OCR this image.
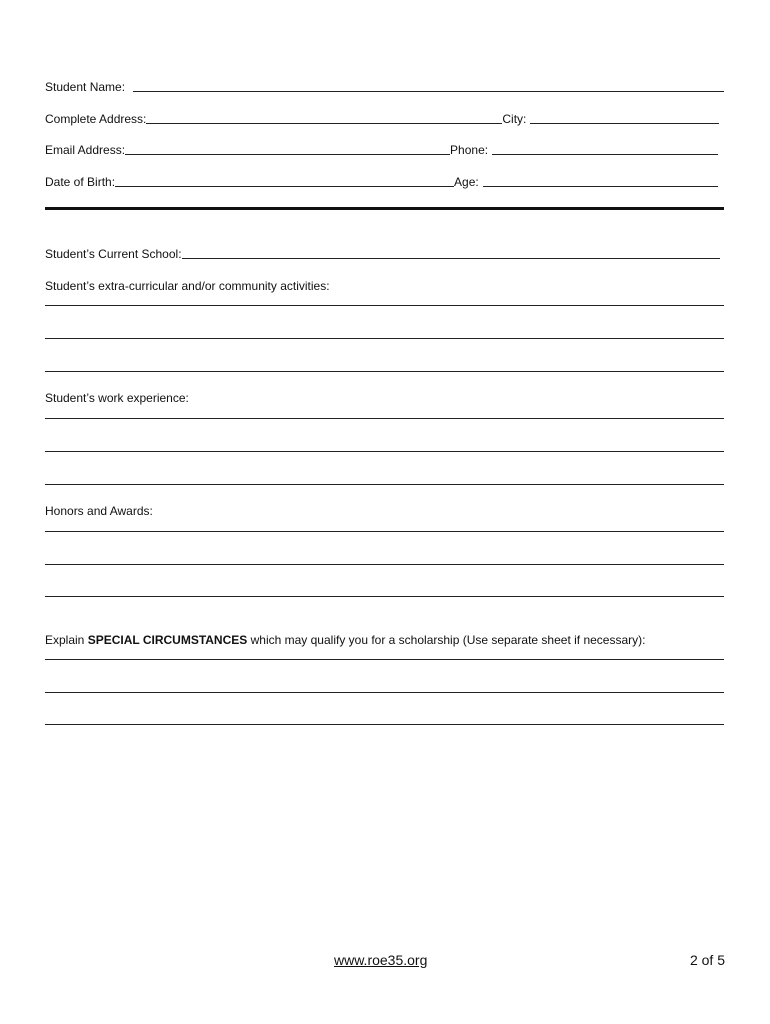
Student Name:
Complete Address:	City:
Email Address:	Phone:
Date of Birth:	Age:
Student’s Current School:
Student’s extra-curricular and/or community activities:
Student’s work experience:
Honors and Awards:
Explain SPECIAL CIRCUMSTANCES which may qualify you for a scholarship (Use separate sheet if necessary):
www.roe35.org	2 of 5
